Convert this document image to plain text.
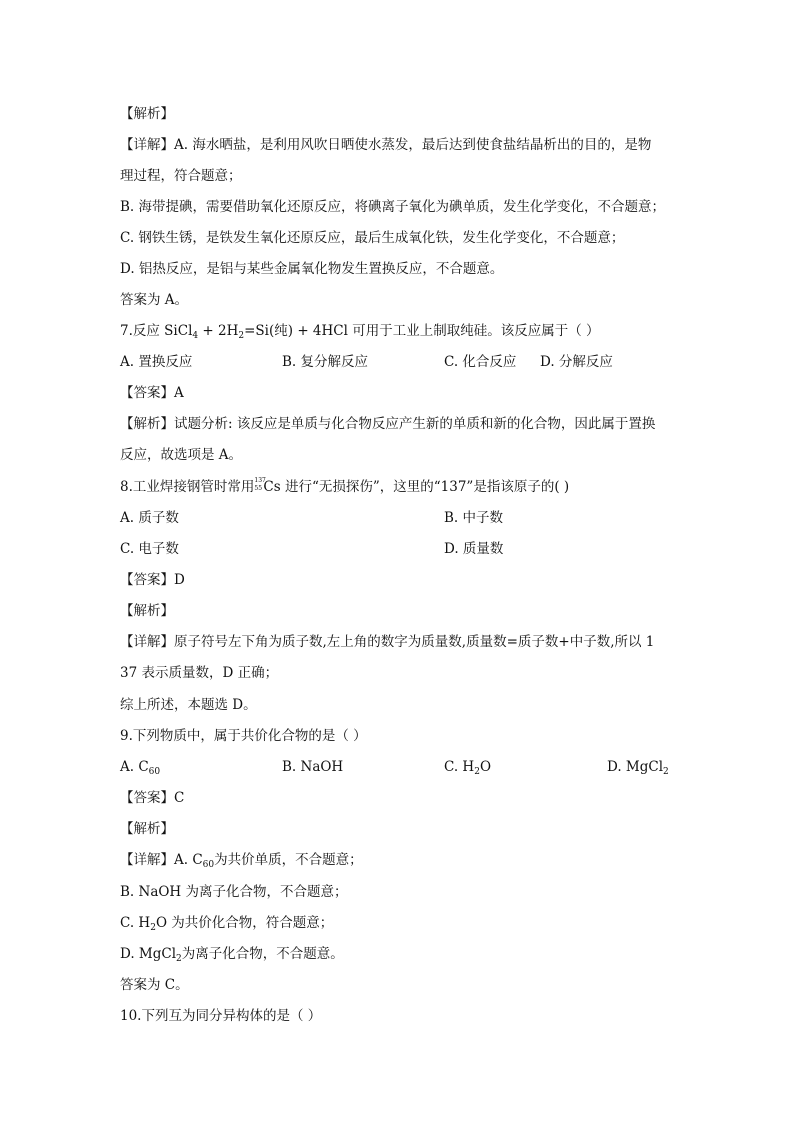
【解析】
【详解】A. 海水晒盐，是利用风吹日晒使水蒸发，最后达到使食盐结晶析出的目的，是物
理过程，符合题意；
B. 海带提碘，需要借助氧化还原反应，将碘离子氧化为碘单质，发生化学变化，不合题意；
C. 钢铁生锈，是铁发生氧化还原反应，最后生成氧化铁，发生化学变化，不合题意；
D. 铝热反应，是铝与某些金属氧化物发生置换反应，不合题意。
答案为 A。
7.反应 SiCl$_4$ + $2H_2=Si$(纯) + 4HCl 可用于工业上制取纯硅。该反应属于（ ）
A. 置换反应	B. 复分解反应	C. 化合反应 D. 分解反应
【答案】A
【解析】试题分析: 该反应是单质与化合物反应产生新的单质和新的化合物，因此属于置换
反应，故选项是 A。
8.工业焊接钢管时常用 137
55 Cs 进行“无损探伤”，这里的“137”是指该原子的( )
A. 质子数	B. 中子数
C. 电子数	D. 质量数
【答案】D
【解析】
【详解】原子符号左下角为质子数,左上角的数字为质量数,质量数=质子数+中子数,所以 1
37 表示质量数，D 正确；
综上所述，本题选 D。
9.下列物质中，属于共价化合物的是（ ）
A. $C_{60}$	B. NaOH	C. $H_2O$	D. MgCl$_2$
【答案】C
【解析】
【详解】A. $C_{60}$为共价单质，不合题意；
B. NaOH 为离子化合物，不合题意；
C. $H_2O$ 为共价化合物，符合题意；
D. MgCl$_2$为离子化合物，不合题意。
答案为 C。
10.下列互为同分异构体的是（ ）
